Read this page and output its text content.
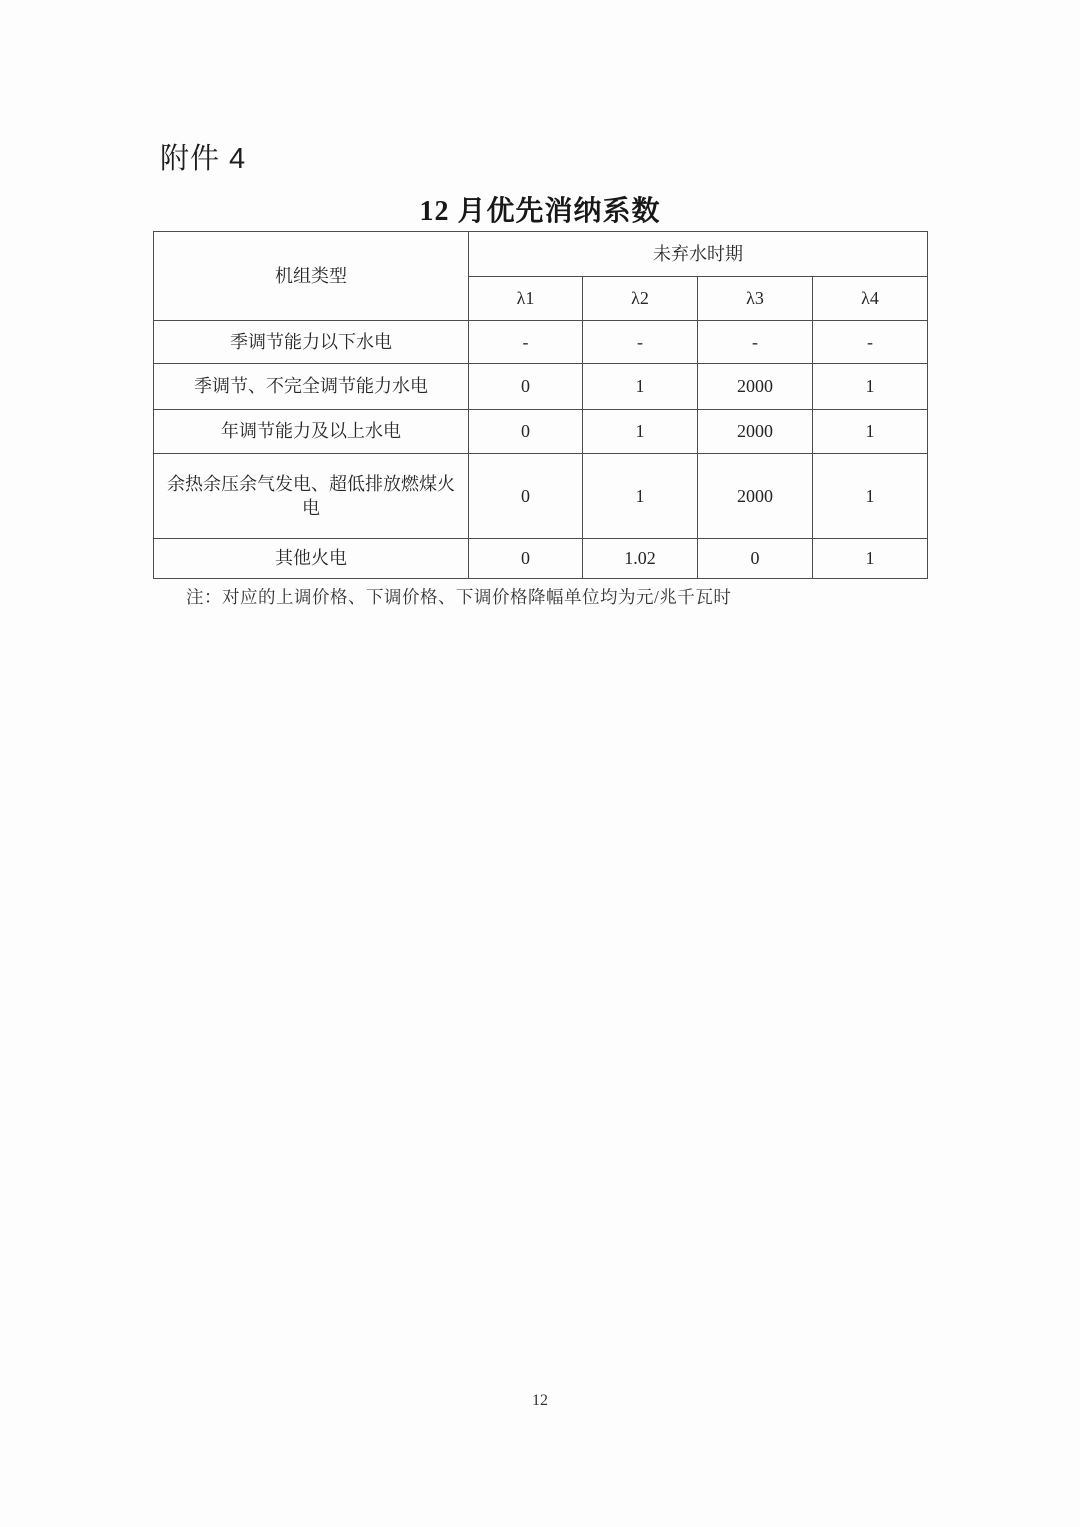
附件 4
12 月优先消纳系数
机组类型	未弃水时期			
	λ1	λ2	λ3	λ4
季调节能力以下水电	-	-	-	-
季调节、不完全调节能力水电	0	1	2000	1
年调节能力及以上水电	0	1	2000	1
余热余压余气发电、超低排放燃煤火电	0	1	2000	1
其他火电	0	1.02	0	1
注：对应的上调价格、下调价格、下调价格降幅单位均为元/兆千瓦时
12
